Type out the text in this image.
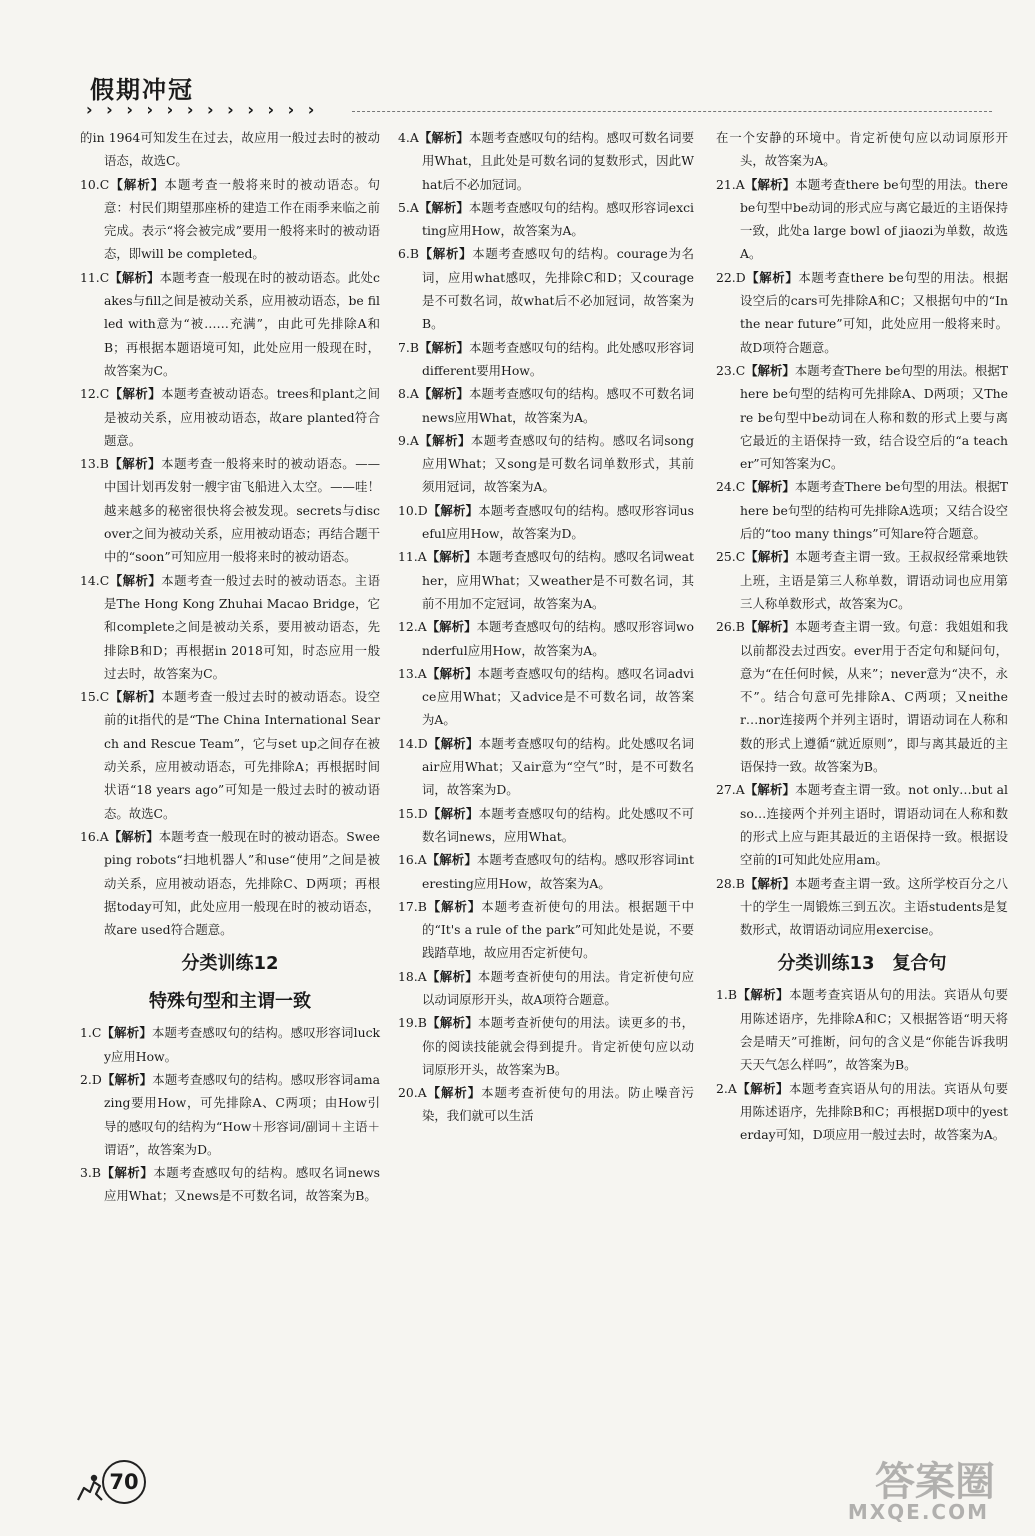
假期冲冠
› › › › › › › › › › › ›
的in 1964可知发生在过去，故应用一般过去时的被动语态，故选C。
10.C【解析】本题考查一般将来时的被动语态。句意：村民们期望那座桥的建造工作在雨季来临之前完成。表示“将会被完成”要用一般将来时的被动语态，即will be completed。
11.C【解析】本题考查一般现在时的被动语态。此处cakes与fill之间是被动关系，应用被动语态，be filled with意为“被……充满”，由此可先排除A和B；再根据本题语境可知，此处应用一般现在时，故答案为C。
12.C【解析】本题考查被动语态。trees和plant之间是被动关系，应用被动语态，故are planted符合题意。
13.B【解析】本题考查一般将来时的被动语态。——中国计划再发射一艘宇宙飞船进入太空。——哇！越来越多的秘密很快将会被发现。secrets与discover之间为被动关系，应用被动语态；再结合题干中的“soon”可知应用一般将来时的被动语态。
14.C【解析】本题考查一般过去时的被动语态。主语是The Hong Kong Zhuhai Macao Bridge，它和complete之间是被动关系，要用被动语态，先排除B和D；再根据in 2018可知，时态应用一般过去时，故答案为C。
15.C【解析】本题考查一般过去时的被动语态。设空前的it指代的是“The China International Search and Rescue Team”，它与set up之间存在被动关系，应用被动语态，可先排除A；再根据时间状语“18 years ago”可知是一般过去时的被动语态。故选C。
16.A【解析】本题考查一般现在时的被动语态。Sweeping robots“扫地机器人”和use“使用”之间是被动关系，应用被动语态，先排除C、D两项；再根据today可知，此处应用一般现在时的被动语态，故are used符合题意。
分类训练12
特殊句型和主谓一致
1.C【解析】本题考查感叹句的结构。感叹形容词lucky应用How。
2.D【解析】本题考查感叹句的结构。感叹形容词amazing要用How，可先排除A、C两项；由How引导的感叹句的结构为“How＋形容词/副词＋主语＋谓语”，故答案为D。
3.B【解析】本题考查感叹句的结构。感叹名词news应用What；又news是不可数名词，故答案为B。
4.A【解析】本题考查感叹句的结构。感叹可数名词要用What，且此处是可数名词的复数形式，因此What后不必加冠词。
5.A【解析】本题考查感叹句的结构。感叹形容词exciting应用How，故答案为A。
6.B【解析】本题考查感叹句的结构。courage为名词，应用what感叹，先排除C和D；又courage是不可数名词，故what后不必加冠词，故答案为B。
7.B【解析】本题考查感叹句的结构。此处感叹形容词different要用How。
8.A【解析】本题考查感叹句的结构。感叹不可数名词news应用What，故答案为A。
9.A【解析】本题考查感叹句的结构。感叹名词song应用What；又song是可数名词单数形式，其前须用冠词，故答案为A。
10.D【解析】本题考查感叹句的结构。感叹形容词useful应用How，故答案为D。
11.A【解析】本题考查感叹句的结构。感叹名词weather，应用What；又weather是不可数名词，其前不用加不定冠词，故答案为A。
12.A【解析】本题考查感叹句的结构。感叹形容词wonderful应用How，故答案为A。
13.A【解析】本题考查感叹句的结构。感叹名词advice应用What；又advice是不可数名词，故答案为A。
14.D【解析】本题考查感叹句的结构。此处感叹名词air应用What；又air意为“空气”时，是不可数名词，故答案为D。
15.D【解析】本题考查感叹句的结构。此处感叹不可数名词news，应用What。
16.A【解析】本题考查感叹句的结构。感叹形容词interesting应用How，故答案为A。
17.B【解析】本题考查祈使句的用法。根据题干中的“It's a rule of the park”可知此处是说，不要践踏草地，故应用否定祈使句。
18.A【解析】本题考查祈使句的用法。肯定祈使句应以动词原形开头，故A项符合题意。
19.B【解析】本题考查祈使句的用法。读更多的书，你的阅读技能就会得到提升。肯定祈使句应以动词原形开头，故答案为B。
20.A【解析】本题考查祈使句的用法。防止噪音污染，我们就可以生活
在一个安静的环境中。肯定祈使句应以动词原形开头，故答案为A。
21.A【解析】本题考查there be句型的用法。there be句型中be动词的形式应与离它最近的主语保持一致，此处a large bowl of jiaozi为单数，故选A。
22.D【解析】本题考查there be句型的用法。根据设空后的cars可先排除A和C；又根据句中的“In the near future”可知，此处应用一般将来时。故D项符合题意。
23.C【解析】本题考查There be句型的用法。根据There be句型的结构可先排除A、D两项；又There be句型中be动词在人称和数的形式上要与离它最近的主语保持一致，结合设空后的“a teacher”可知答案为C。
24.C【解析】本题考查There be句型的用法。根据There be句型的结构可先排除A选项；又结合设空后的“too many things”可知are符合题意。
25.C【解析】本题考查主谓一致。王叔叔经常乘地铁上班，主语是第三人称单数，谓语动词也应用第三人称单数形式，故答案为C。
26.B【解析】本题考查主谓一致。句意：我姐姐和我以前都没去过西安。ever用于否定句和疑问句，意为“在任何时候，从来”；never意为“决不，永不”。结合句意可先排除A、C两项；又neither…nor连接两个并列主语时，谓语动词在人称和数的形式上遵循“就近原则”，即与离其最近的主语保持一致。故答案为B。
27.A【解析】本题考查主谓一致。not only…but also…连接两个并列主语时，谓语动词在人称和数的形式上应与距其最近的主语保持一致。根据设空前的I可知此处应用am。
28.B【解析】本题考查主谓一致。这所学校百分之八十的学生一周锻炼三到五次。主语students是复数形式，故谓语动词应用exercise。
分类训练13　复合句
1.B【解析】本题考查宾语从句的用法。宾语从句要用陈述语序，先排除A和C；又根据答语“明天将会是晴天”可推断，问句的含义是“你能告诉我明天天气怎么样吗”，故答案为B。
2.A【解析】本题考查宾语从句的用法。宾语从句要用陈述语序，先排除B和C；再根据D项中的yesterday可知，D项应用一般过去时，故答案为A。
70	答案圈
MXQE.COM
